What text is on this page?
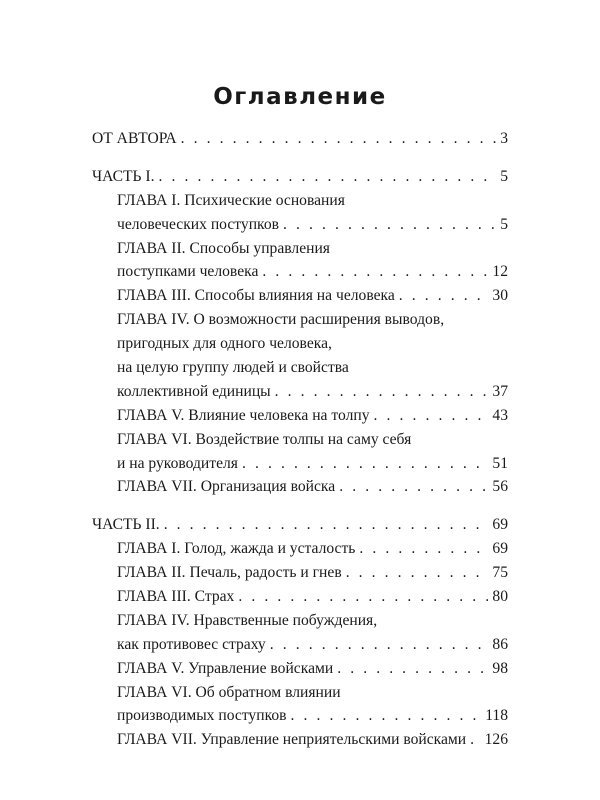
Оглавление
ОТ АВТОРА . . .	3
ЧАСТЬ I. . . .	5
ГЛАВА I. Психические основания
человеческих поступков . . .	5
ГЛАВА II. Способы управления
поступками человека . . .	12
ГЛАВА III. Способы влияния на человека . . .	30
ГЛАВА IV. О возможности расширения выводов,
пригодных для одного человека,
на целую группу людей и свойства
коллективной единицы . . .	37
ГЛАВА V. Влияние человека на толпу . . .	43
ГЛАВА VI. Воздействие толпы на саму себя
и на руководителя . . .	51
ГЛАВА VII. Организация войска . . .	56
ЧАСТЬ II. . . .	69
ГЛАВА I. Голод, жажда и усталость . . .	69
ГЛАВА II. Печаль, радость и гнев . . .	75
ГЛАВА III. Страх . . .	80
ГЛАВА IV. Нравственные побуждения,
как противовес страху . . .	86
ГЛАВА V. Управление войсками . . .	98
ГЛАВА VI. Об обратном влиянии
производимых поступков . . .	118
ГЛАВА VII. Управление неприятельскими войсками . . . 126
